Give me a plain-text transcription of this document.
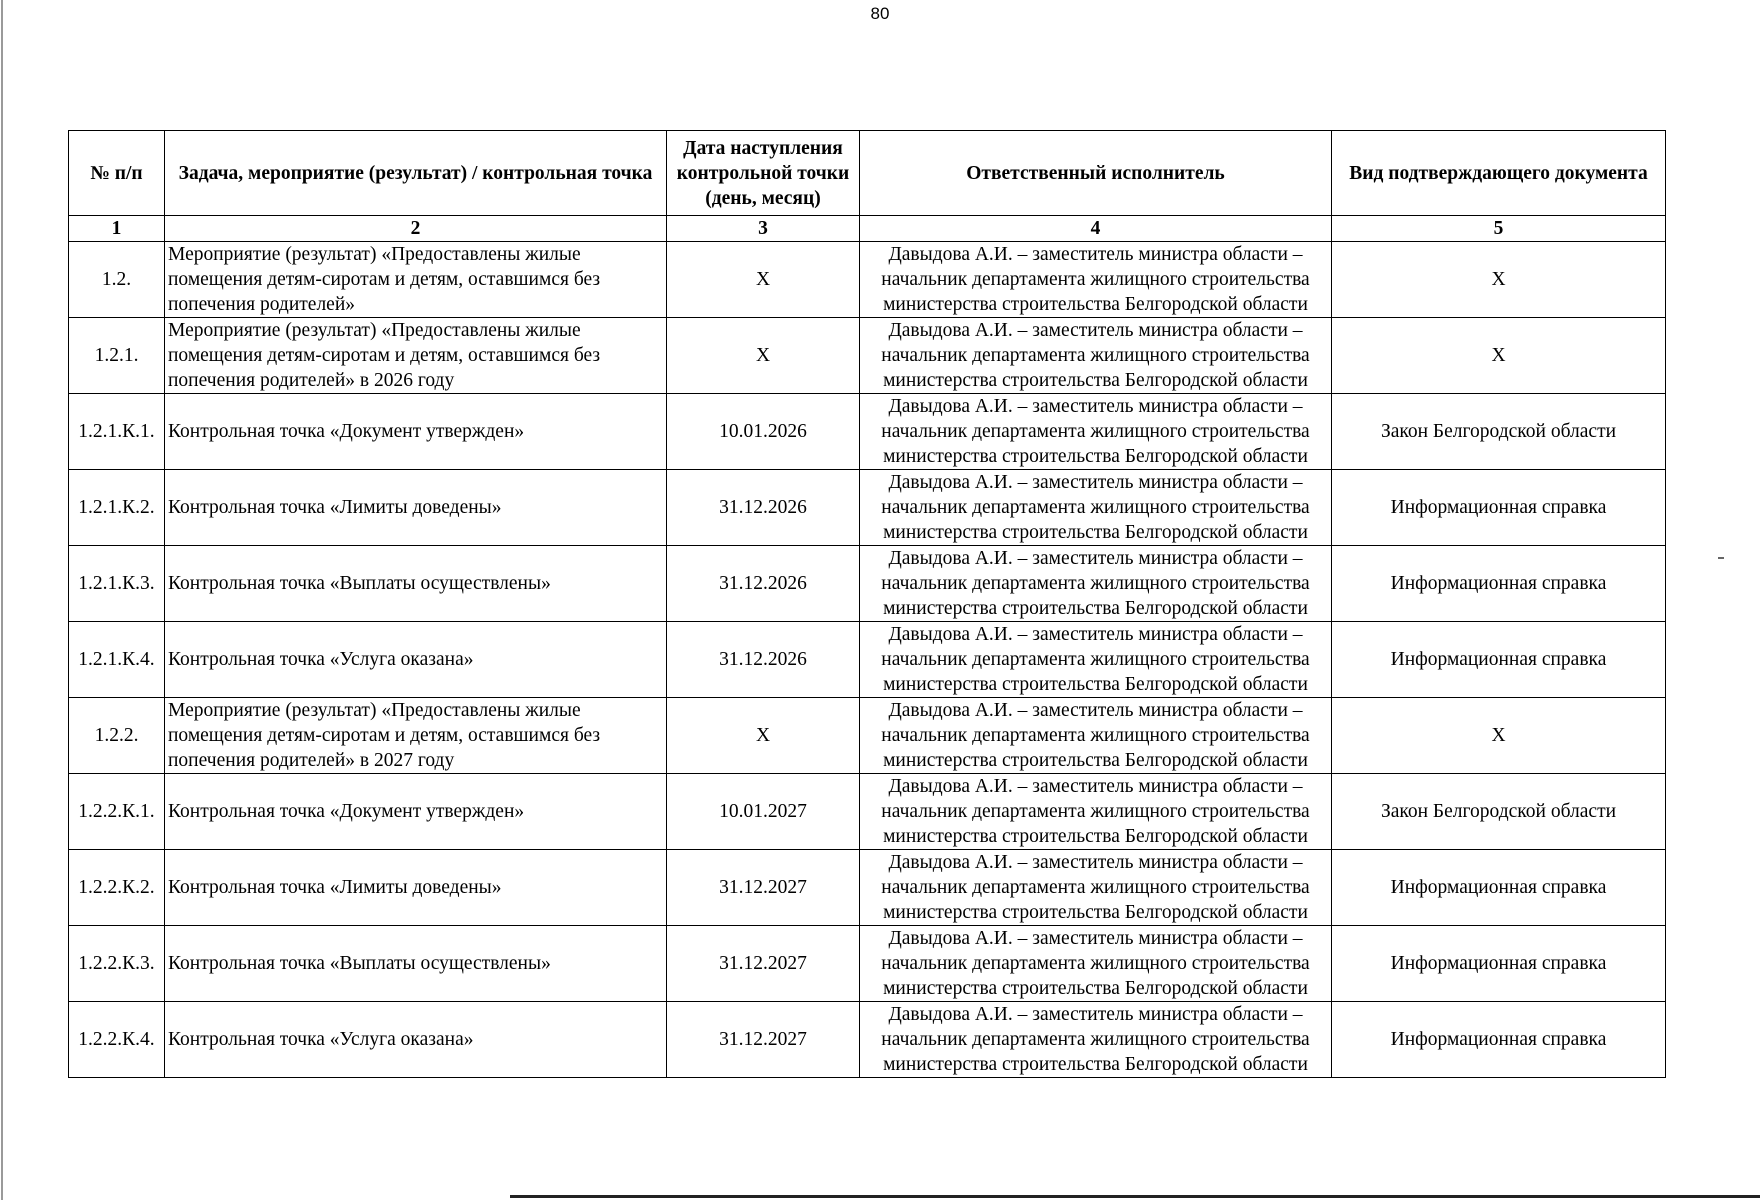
80
№ п/п	Задача, мероприятие (результат) / контрольная точка	Дата наступления контрольной точки (день, месяц)	Ответственный исполнитель	Вид подтверждающего документа
1	2	3	4	5
1.2.	Мероприятие (результат) «Предоставлены жилые помещения детям-сиротам и детям, оставшимся без попечения родителей»	Х	Давыдова А.И. – заместитель министра области – начальник департамента жилищного строительства министерства строительства Белгородской области	Х
1.2.1.	Мероприятие (результат) «Предоставлены жилые помещения детям-сиротам и детям, оставшимся без попечения родителей» в 2026 году	Х	Давыдова А.И. – заместитель министра области – начальник департамента жилищного строительства министерства строительства Белгородской области	Х
1.2.1.К.1.	Контрольная точка «Документ утвержден»	10.01.2026	Давыдова А.И. – заместитель министра области – начальник департамента жилищного строительства министерства строительства Белгородской области	Закон Белгородской области
1.2.1.К.2.	Контрольная точка «Лимиты доведены»	31.12.2026	Давыдова А.И. – заместитель министра области – начальник департамента жилищного строительства министерства строительства Белгородской области	Информационная справка
1.2.1.К.3.	Контрольная точка «Выплаты осуществлены»	31.12.2026	Давыдова А.И. – заместитель министра области – начальник департамента жилищного строительства министерства строительства Белгородской области	Информационная справка
1.2.1.К.4.	Контрольная точка «Услуга оказана»	31.12.2026	Давыдова А.И. – заместитель министра области – начальник департамента жилищного строительства министерства строительства Белгородской области	Информационная справка
1.2.2.	Мероприятие (результат) «Предоставлены жилые помещения детям-сиротам и детям, оставшимся без попечения родителей» в 2027 году	Х	Давыдова А.И. – заместитель министра области – начальник департамента жилищного строительства министерства строительства Белгородской области	Х
1.2.2.К.1.	Контрольная точка «Документ утвержден»	10.01.2027	Давыдова А.И. – заместитель министра области – начальник департамента жилищного строительства министерства строительства Белгородской области	Закон Белгородской области
1.2.2.К.2.	Контрольная точка «Лимиты доведены»	31.12.2027	Давыдова А.И. – заместитель министра области – начальник департамента жилищного строительства министерства строительства Белгородской области	Информационная справка
1.2.2.К.3.	Контрольная точка «Выплаты осуществлены»	31.12.2027	Давыдова А.И. – заместитель министра области – начальник департамента жилищного строительства министерства строительства Белгородской области	Информационная справка
1.2.2.К.4.	Контрольная точка «Услуга оказана»	31.12.2027	Давыдова А.И. – заместитель министра области – начальник департамента жилищного строительства министерства строительства Белгородской области	Информационная справка
